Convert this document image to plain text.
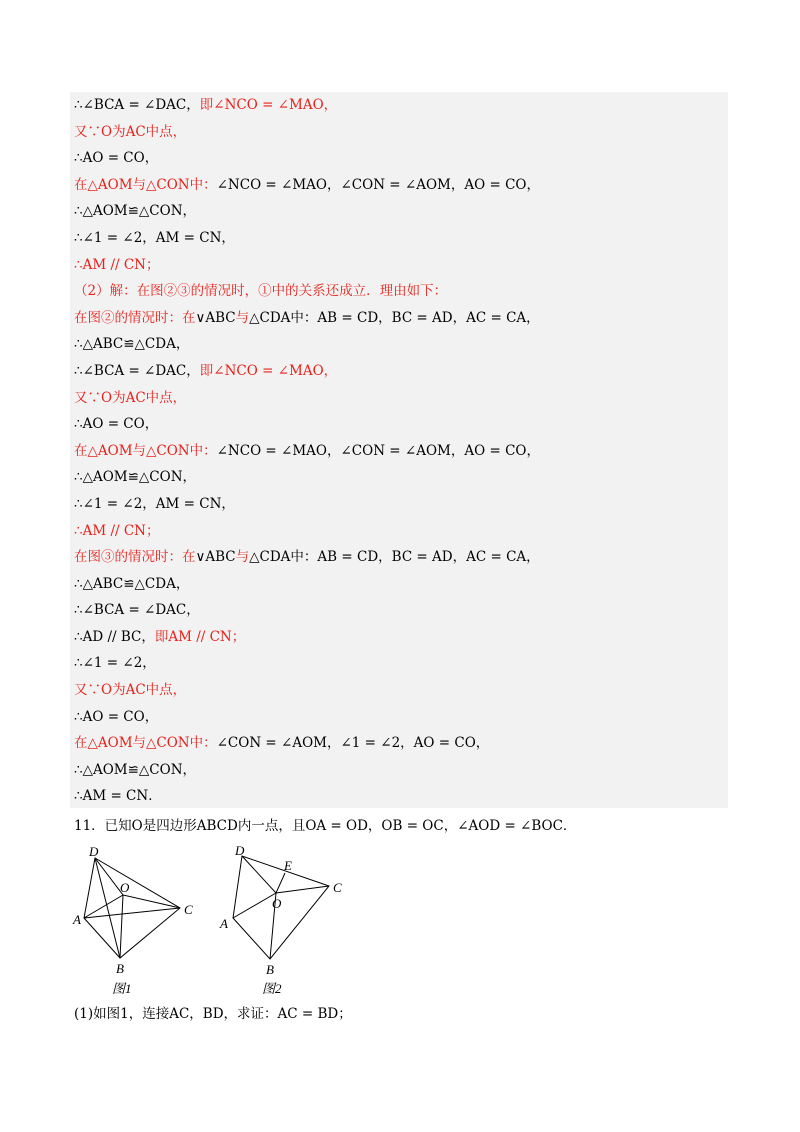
∴∠BCA = ∠DAC，即∠NCO = ∠MAO，
又∵O为AC中点，
∴AO = CO，
在△AOM与△CON中：∠NCO = ∠MAO，∠CON = ∠AOM，AO = CO，
∴△AOM≌△CON，
∴∠1 = ∠2，AM = CN，
∴AM // CN；
（2）解：在图②③的情况时，①中的关系还成立．理由如下：
在图②的情况时：在∨ABC与△CDA中：AB = CD，BC = AD，AC = CA，
∴△ABC≌△CDA，
∴∠BCA = ∠DAC，即∠NCO = ∠MAO，
又∵O为AC中点，
∴AO = CO，
在△AOM与△CON中：∠NCO = ∠MAO，∠CON = ∠AOM，AO = CO，
∴△AOM≌△CON，
∴∠1 = ∠2，AM = CN，
∴AM // CN；
在图③的情况时：在∨ABC与△CDA中：AB = CD，BC = AD，AC = CA，
∴△ABC≌△CDA，
∴∠BCA = ∠DAC，
∴AD // BC，即AM // CN；
∴∠1 = ∠2，
又∵O为AC中点，
∴AO = CO，
在△AOM与△CON中：∠CON = ∠AOM，∠1 = ∠2，AO = CO，
∴△AOM≌△CON，
∴AM = CN．
11．已知O是四边形ABCD内一点，且OA = OD，OB = OC，∠AOD = ∠BOC．
D
A
O
C
B
图1
D
E
C
O
A
B
图2
(1)如图1，连接AC，BD，求证：AC = BD；
